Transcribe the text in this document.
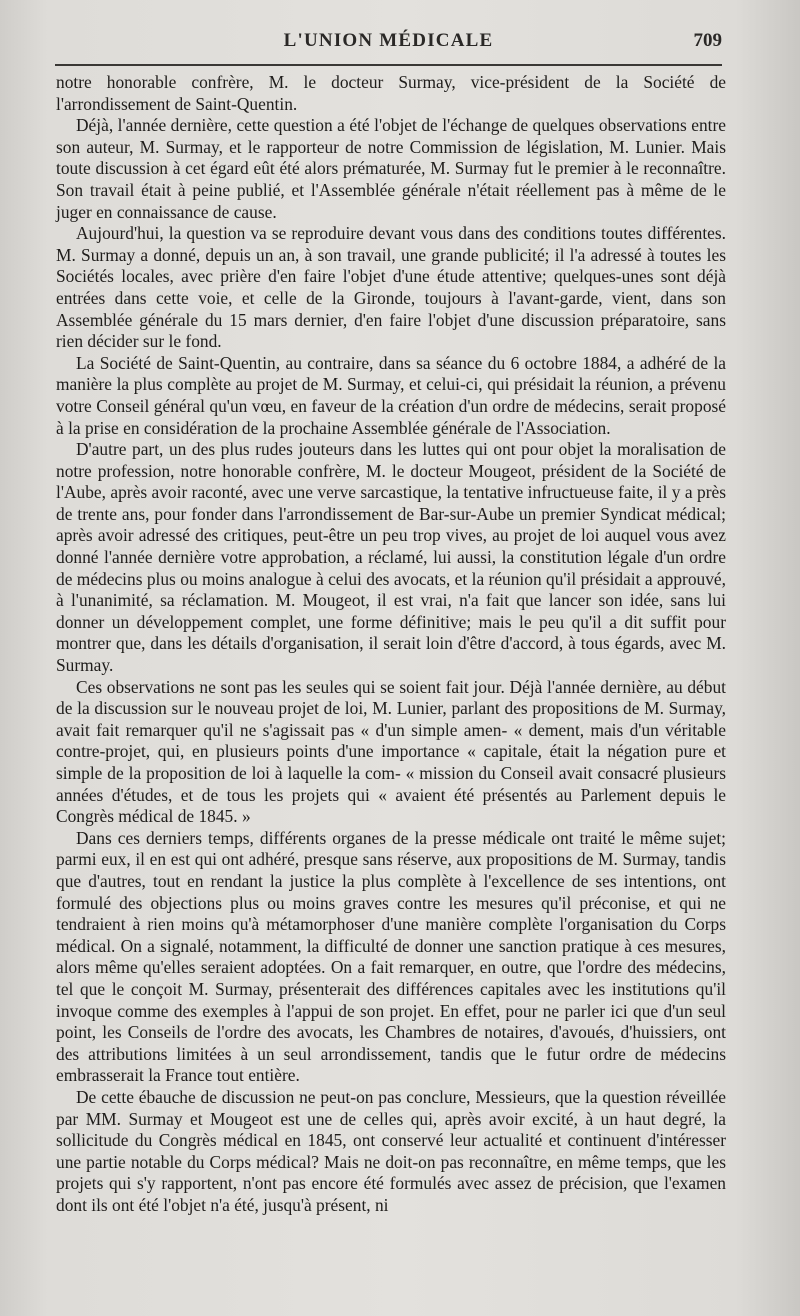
L'UNION MÉDICALE	709

notre honorable confrère, M. le docteur Surmay, vice-président de la Société de l'arrondissement de Saint-Quentin.

Déjà, l'année dernière, cette question a été l'objet de l'échange de quelques observations entre son auteur, M. Surmay, et le rapporteur de notre Commission de législation, M. Lunier. Mais toute discussion à cet égard eût été alors prématurée, M. Surmay fut le premier à le reconnaître. Son travail était à peine publié, et l'Assemblée générale n'était réellement pas à même de le juger en connaissance de cause.

Aujourd'hui, la question va se reproduire devant vous dans des conditions toutes différentes. M. Surmay a donné, depuis un an, à son travail, une grande publicité; il l'a adressé à toutes les Sociétés locales, avec prière d'en faire l'objet d'une étude attentive; quelques-unes sont déjà entrées dans cette voie, et celle de la Gironde, toujours à l'avant-garde, vient, dans son Assemblée générale du 15 mars dernier, d'en faire l'objet d'une discussion préparatoire, sans rien décider sur le fond.

La Société de Saint-Quentin, au contraire, dans sa séance du 6 octobre 1884, a adhéré de la manière la plus complète au projet de M. Surmay, et celui-ci, qui présidait la réunion, a prévenu votre Conseil général qu'un vœu, en faveur de la création d'un ordre de médecins, serait proposé à la prise en considération de la prochaine Assemblée générale de l'Association.

D'autre part, un des plus rudes jouteurs dans les luttes qui ont pour objet la moralisation de notre profession, notre honorable confrère, M. le docteur Mougeot, président de la Société de l'Aube, après avoir raconté, avec une verve sarcastique, la tentative infructueuse faite, il y a près de trente ans, pour fonder dans l'arrondissement de Bar-sur-Aube un premier Syndicat médical; après avoir adressé des critiques, peut-être un peu trop vives, au projet de loi auquel vous avez donné l'année dernière votre approbation, a réclamé, lui aussi, la constitution légale d'un ordre de médecins plus ou moins analogue à celui des avocats, et la réunion qu'il présidait a approuvé, à l'unanimité, sa réclamation. M. Mougeot, il est vrai, n'a fait que lancer son idée, sans lui donner un développement complet, une forme définitive; mais le peu qu'il a dit suffit pour montrer que, dans les détails d'organisation, il serait loin d'être d'accord, à tous égards, avec M. Surmay.

Ces observations ne sont pas les seules qui se soient fait jour. Déjà l'année dernière, au début de la discussion sur le nouveau projet de loi, M. Lunier, parlant des propositions de M. Surmay, avait fait remarquer qu'il ne s'agissait pas « d'un simple amen- « dement, mais d'un véritable contre-projet, qui, en plusieurs points d'une importance « capitale, était la négation pure et simple de la proposition de loi à laquelle la com- « mission du Conseil avait consacré plusieurs années d'études, et de tous les projets qui « avaient été présentés au Parlement depuis le Congrès médical de 1845. »

Dans ces derniers temps, différents organes de la presse médicale ont traité le même sujet; parmi eux, il en est qui ont adhéré, presque sans réserve, aux propositions de M. Surmay, tandis que d'autres, tout en rendant la justice la plus complète à l'excellence de ses intentions, ont formulé des objections plus ou moins graves contre les mesures qu'il préconise, et qui ne tendraient à rien moins qu'à métamorphoser d'une manière complète l'organisation du Corps médical. On a signalé, notamment, la difficulté de donner une sanction pratique à ces mesures, alors même qu'elles seraient adoptées. On a fait remarquer, en outre, que l'ordre des médecins, tel que le conçoit M. Surmay, présenterait des différences capitales avec les institutions qu'il invoque comme des exemples à l'appui de son projet. En effet, pour ne parler ici que d'un seul point, les Conseils de l'ordre des avocats, les Chambres de notaires, d'avoués, d'huissiers, ont des attributions limitées à un seul arrondissement, tandis que le futur ordre de médecins embrasserait la France tout entière.

De cette ébauche de discussion ne peut-on pas conclure, Messieurs, que la question réveillée par MM. Surmay et Mougeot est une de celles qui, après avoir excité, à un haut degré, la sollicitude du Congrès médical en 1845, ont conservé leur actualité et continuent d'intéresser une partie notable du Corps médical? Mais ne doit-on pas reconnaître, en même temps, que les projets qui s'y rapportent, n'ont pas encore été formulés avec assez de précision, que l'examen dont ils ont été l'objet n'a été, jusqu'à présent, ni
